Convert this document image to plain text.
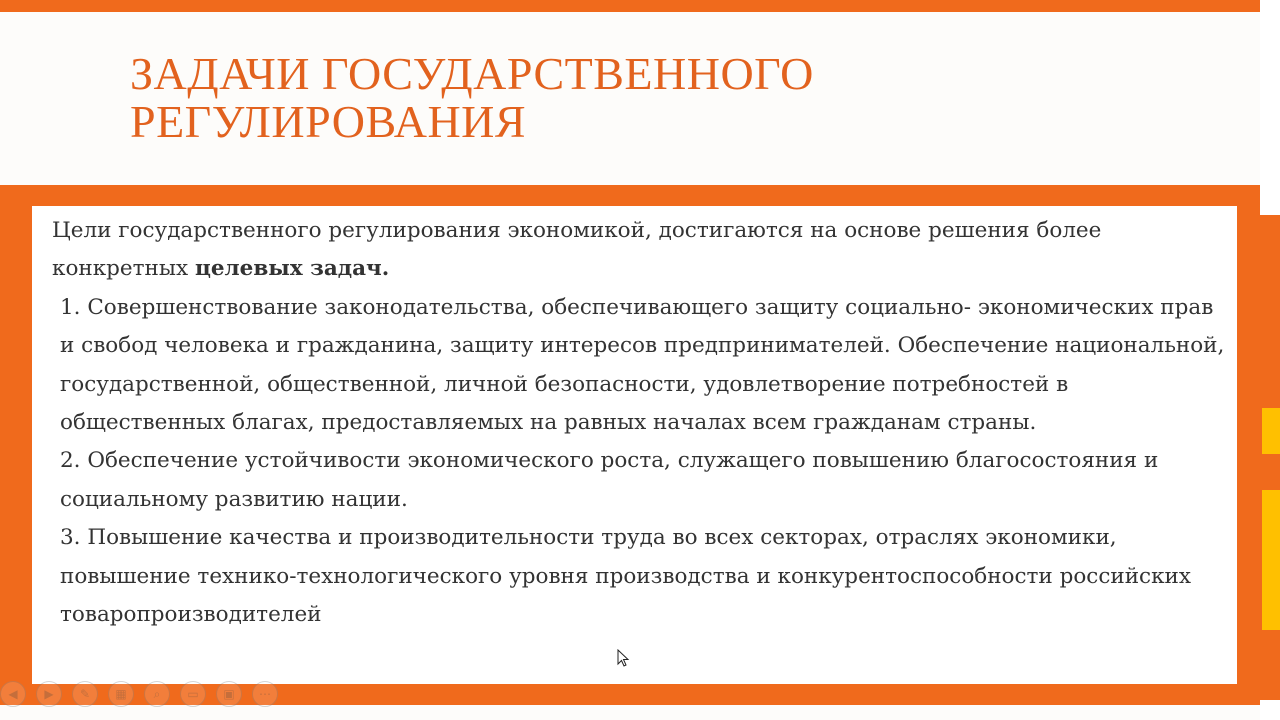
ЗАДАЧИ ГОСУДАРСТВЕННОГО РЕГУЛИРОВАНИЯ

Цели государственного регулирования экономикой, достигаются на основе решения более конкретных целевых задач.

1. Совершенствование законодательства, обеспечивающего защиту социально- экономических прав и свобод человека и гражданина, защиту интересов предпринимателей. Обеспечение национальной, государственной, общественной, личной безопасности, удовлетворение потребностей в общественных благах, предоставляемых на равных началах всем гражданам страны.

2. Обеспечение устойчивости экономического роста, служащего повышению благосостояния и социальному развитию нации.

3. Повышение качества и производительности труда во всех секторах, отраслях экономики, повышение технико-технологического уровня производства и конкурентоспособности российских товаропроизводителей

◀	▶	✎	▦	⌕	▭	▣	⋯
